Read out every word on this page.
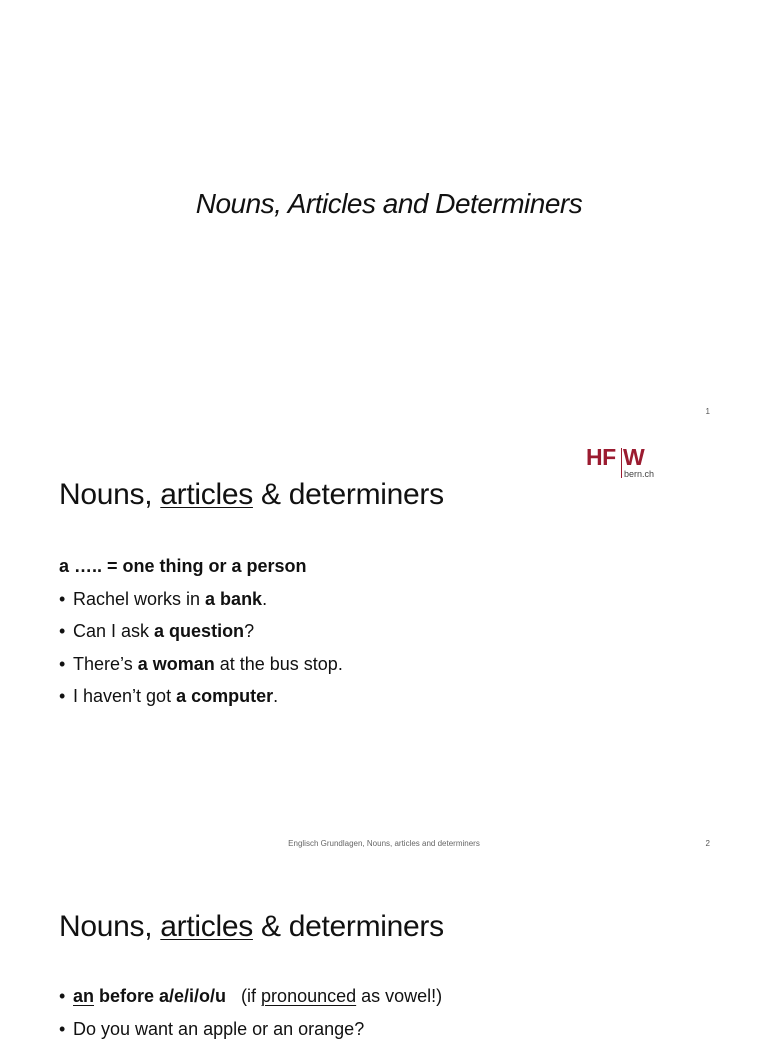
Nouns, Articles and Determiners
1
HF W
bern.ch
Nouns, articles & determiners
a ….. = one thing or a person
• Rachel works in a bank.
• Can I ask a question?
• There’s a woman at the bus stop.
• I haven’t got a computer.
Englisch Grundlagen, Nouns, articles and determiners	2
Nouns, articles & determiners
• an before a/e/i/o/u   (if pronounced as vowel!)
• Do you want an apple or an orange?
